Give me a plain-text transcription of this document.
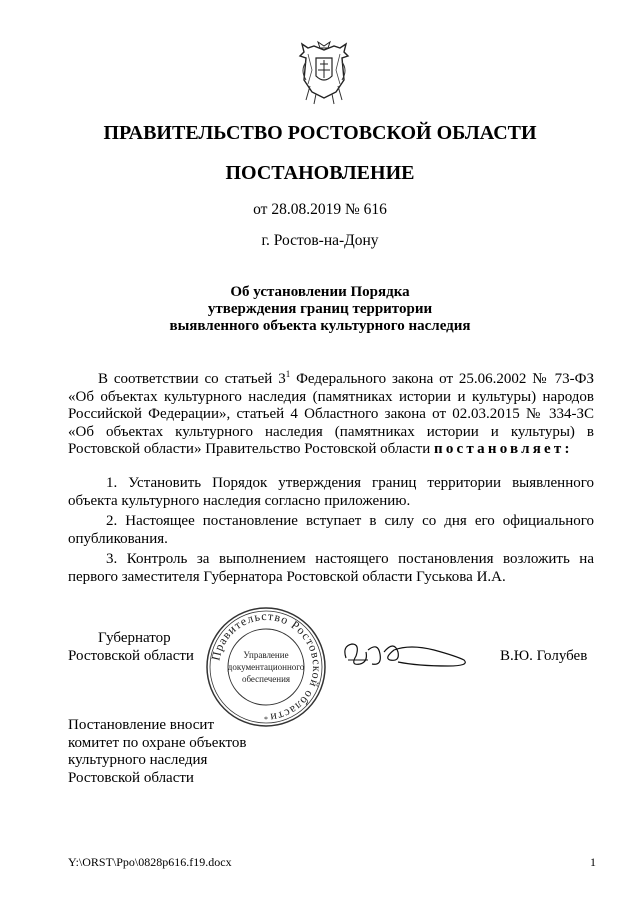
ПРАВИТЕЛЬСТВО РОСТОВСКОЙ ОБЛАСТИ
ПОСТАНОВЛЕНИЕ
от 28.08.2019 № 616
г. Ростов-на-Дону
Об установлении Порядка
утверждения границ территории
выявленного объекта культурного наследия

В соответствии со статьей $3^1$ Федерального закона от 25.06.2002 № 73-ФЗ «Об объектах культурного наследия (памятниках истории и культуры) народов Российской Федерации», статьей 4 Областного закона от 02.03.2015 № 334-ЗС «Об объектах культурного наследия (памятниках истории и культуры) в Ростовской области» Правительство Ростовской области постановляет:

1. Установить Порядок утверждения границ территории выявленного объекта культурного наследия согласно приложению.

2. Настоящее постановление вступает в силу со дня его официального опубликования.

3. Контроль за выполнением настоящего постановления возложить на первого заместителя Губернатора Ростовской области Гуськова И.А.

Губернатор
Ростовской области Правительство Ростовской области
Управление
документационного
обеспечения
*
В.Ю. Голубев
Постановление вносит
комитет по охране объектов
культурного наследия
Ростовской области
Y:\ORST\Ppo\0828p616.f19.docx	1
